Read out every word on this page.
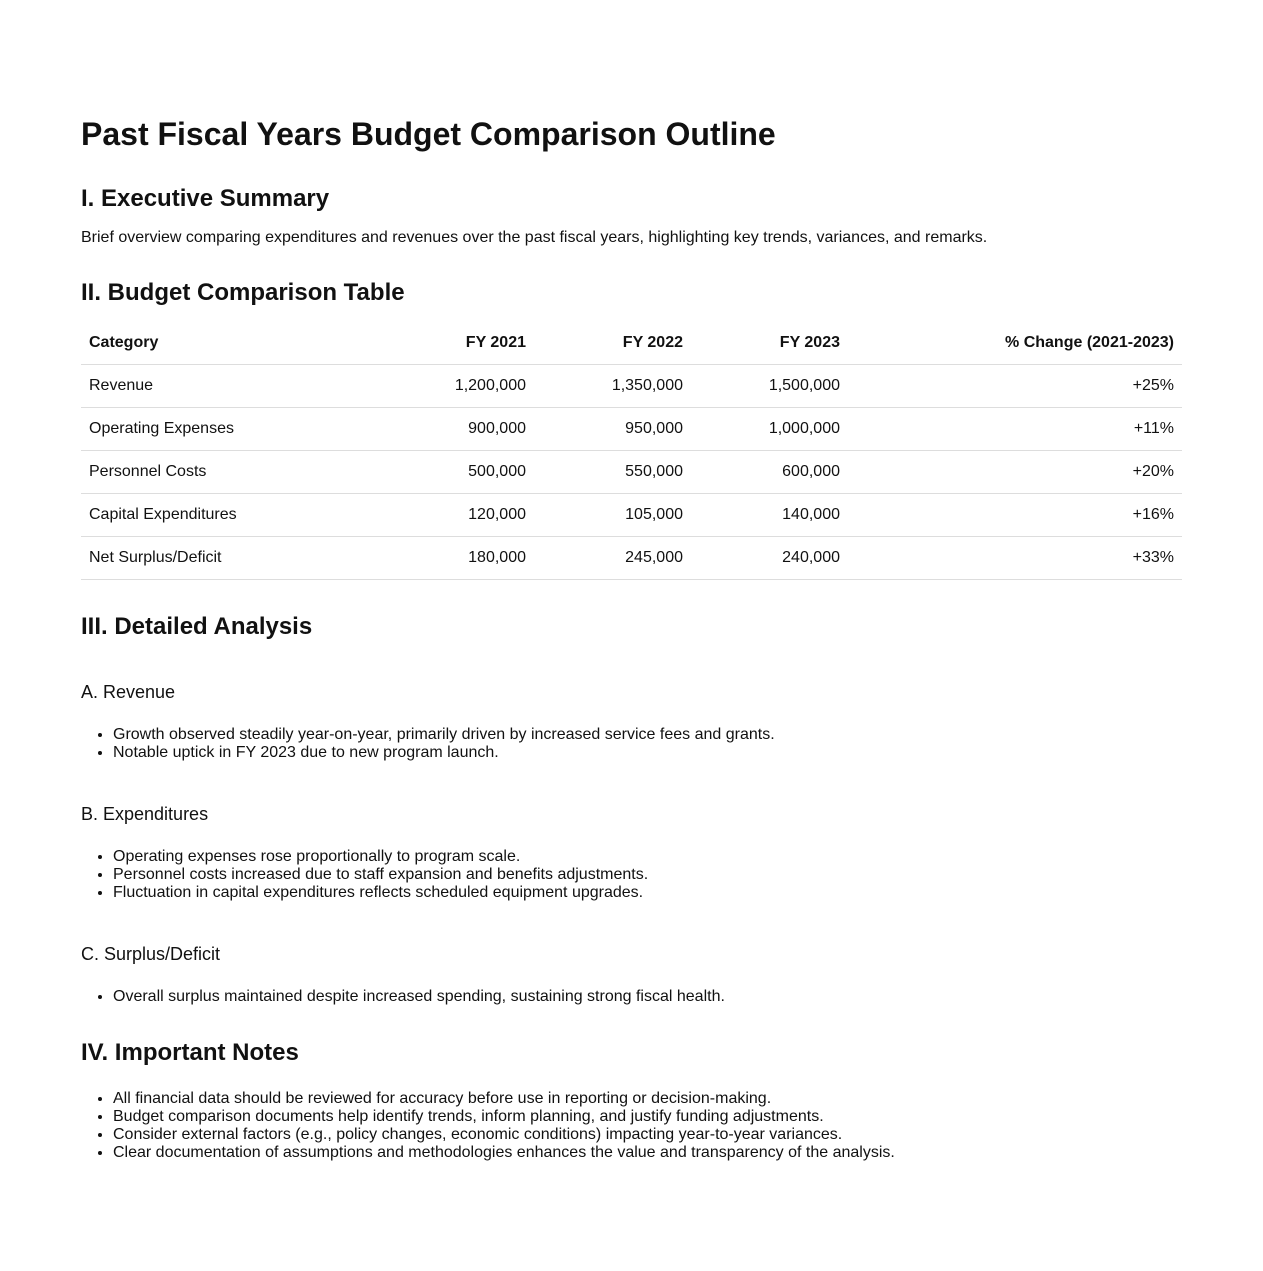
Past Fiscal Years Budget Comparison Outline
I. Executive Summary

Brief overview comparing expenditures and revenues over the past fiscal years, highlighting key trends, variances, and remarks.

II. Budget Comparison Table
Category	FY 2021	FY 2022	FY 2023	% Change (2021-2023)
Revenue	1,200,000	1,350,000	1,500,000	+25%
Operating Expenses	900,000	950,000	1,000,000	+11%
Personnel Costs	500,000	550,000	600,000	+20%
Capital Expenditures	120,000	105,000	140,000	+16%
Net Surplus/Deficit	180,000	245,000	240,000	+33%
III. Detailed Analysis
A. Revenue
• Growth observed steadily year-on-year, primarily driven by increased service fees and grants.
• Notable uptick in FY 2023 due to new program launch.
B. Expenditures
• Operating expenses rose proportionally to program scale.
• Personnel costs increased due to staff expansion and benefits adjustments.
• Fluctuation in capital expenditures reflects scheduled equipment upgrades.
C. Surplus/Deficit
• Overall surplus maintained despite increased spending, sustaining strong fiscal health.
IV. Important Notes
• All financial data should be reviewed for accuracy before use in reporting or decision-making.
• Budget comparison documents help identify trends, inform planning, and justify funding adjustments.
• Consider external factors (e.g., policy changes, economic conditions) impacting year-to-year variances.
• Clear documentation of assumptions and methodologies enhances the value and transparency of the analysis.
